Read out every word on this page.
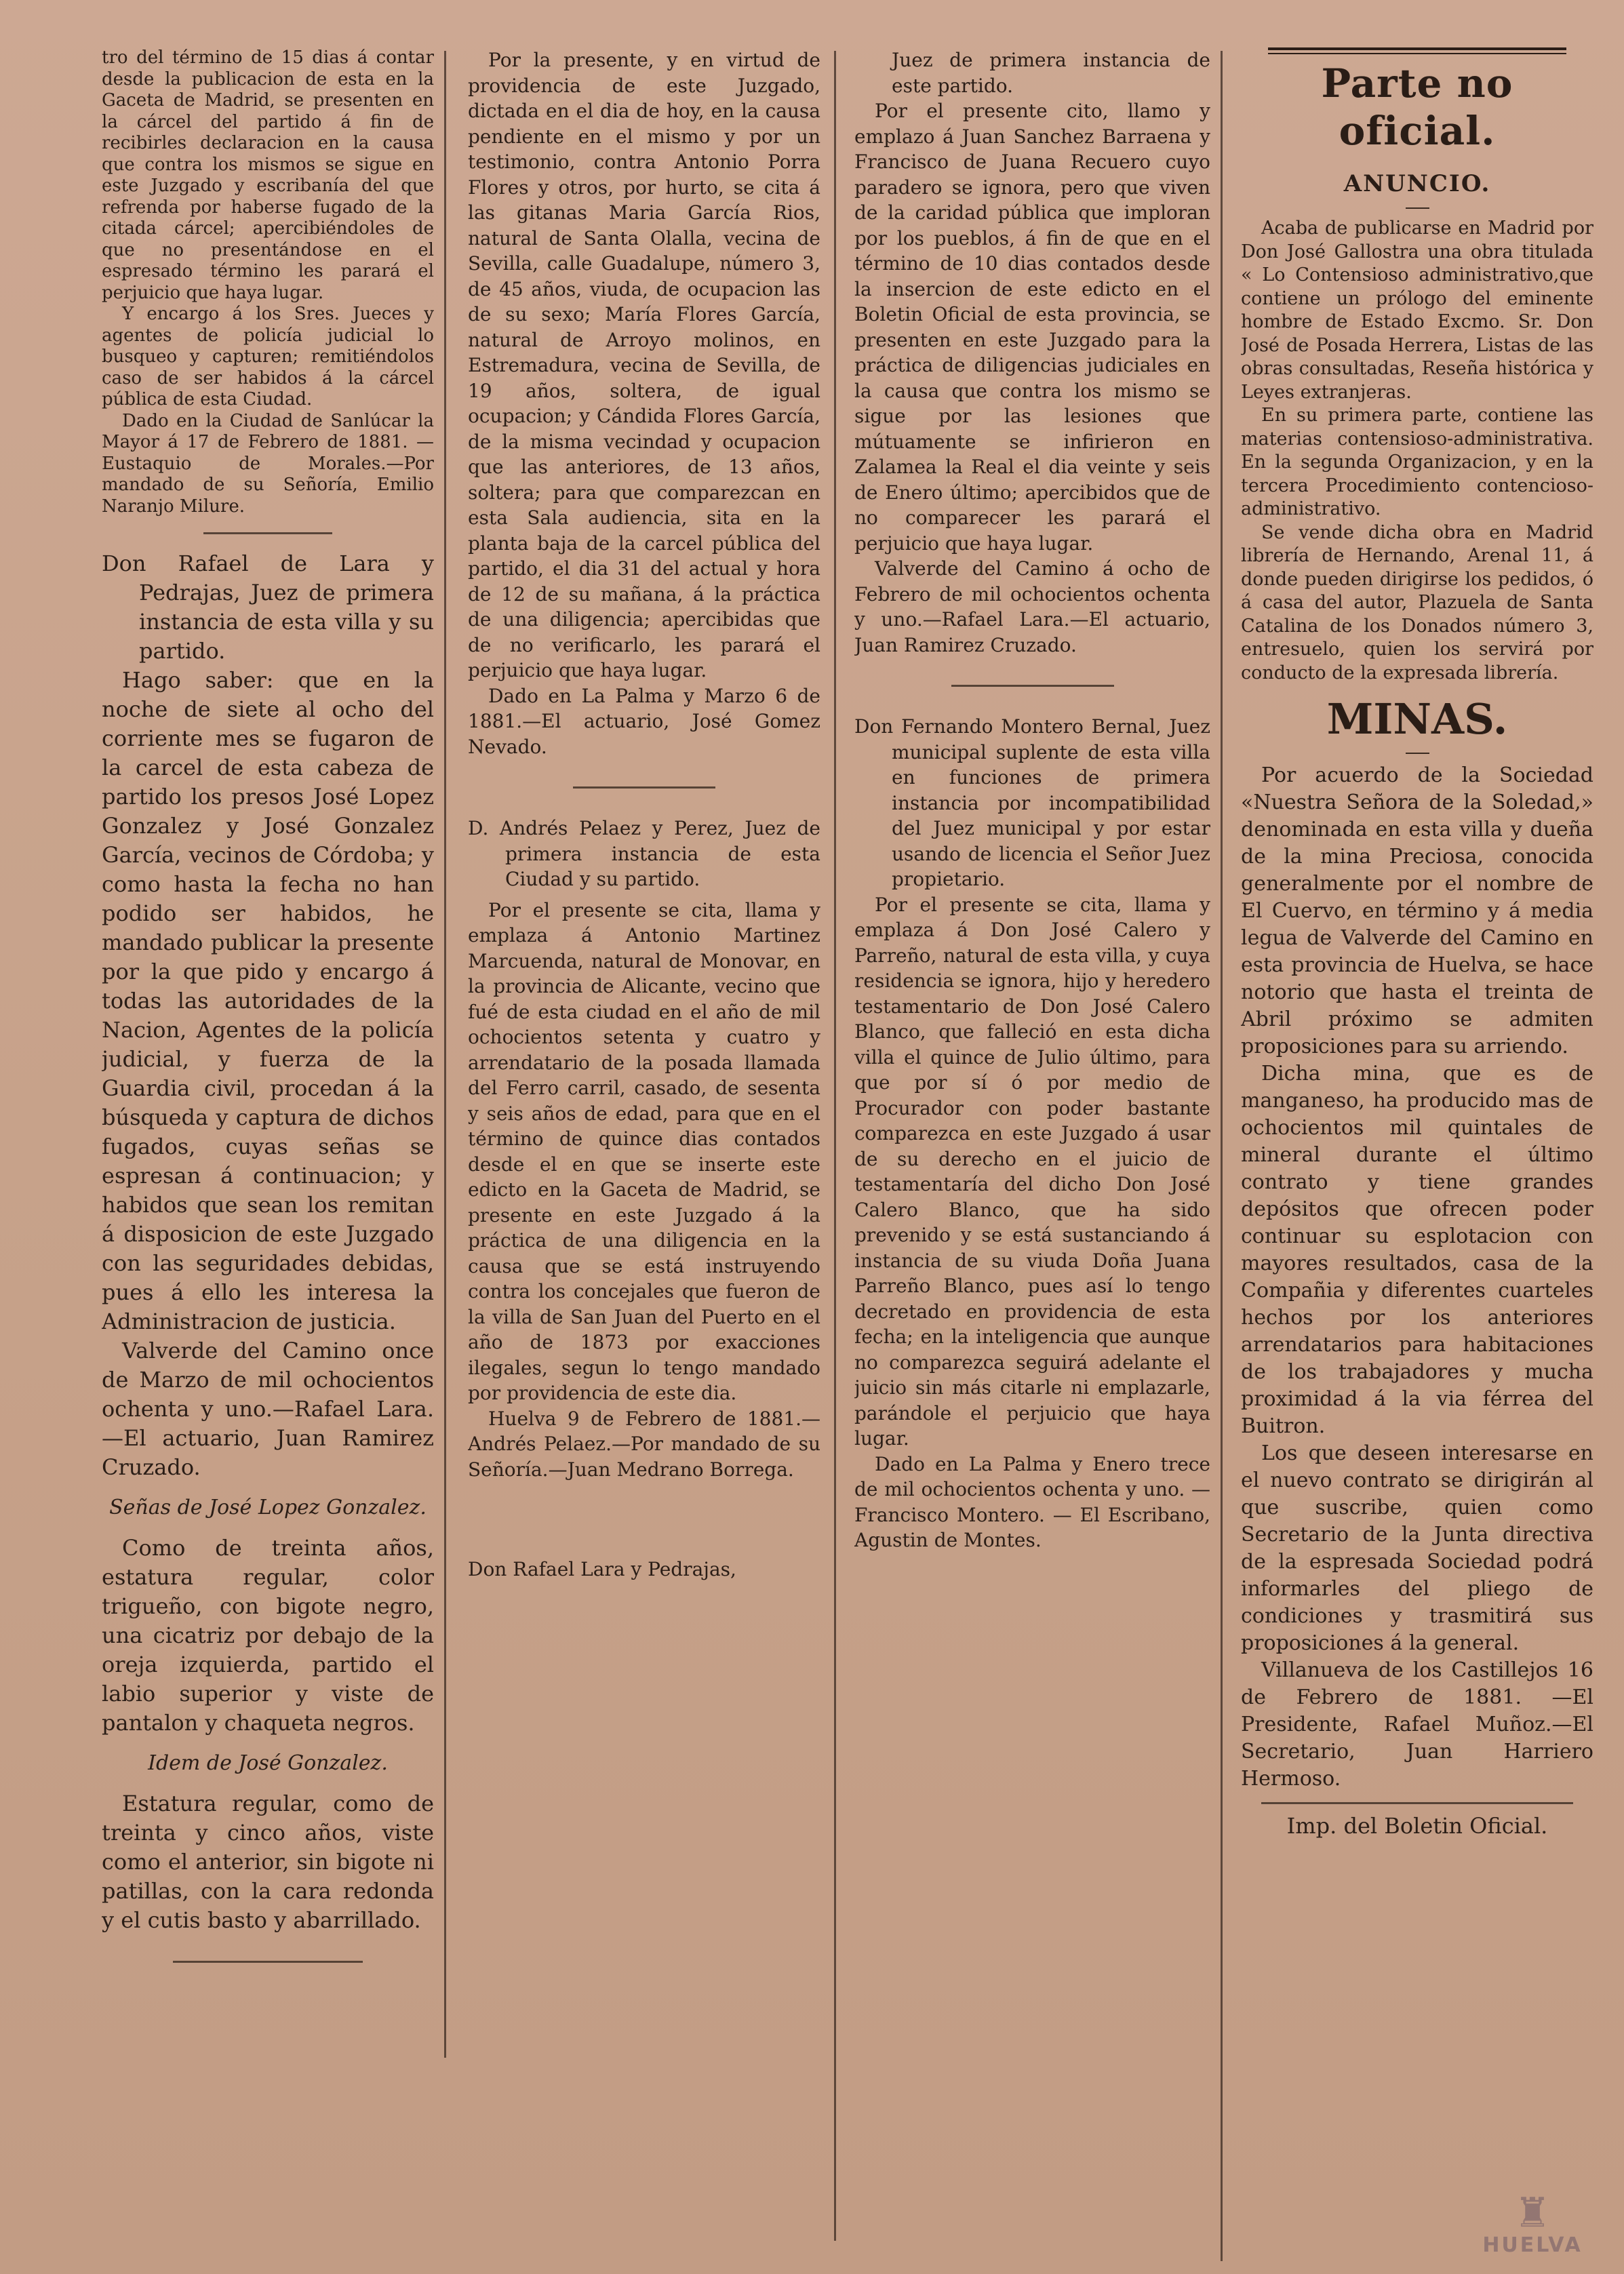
tro del término de 15 dias á contar desde la publicacion de esta en la Gaceta de Madrid, se presenten en la cárcel del partido á fin de recibirles declaracion en la causa que contra los mismos se sigue en este Juzgado y escribanía del que refrenda por haberse fugado de la citada cárcel; apercibiéndoles de que no presentándose en el espresado término les parará el perjuicio que haya lugar.

Y encargo á los Sres. Jueces y agentes de policía judicial lo busqueo y capturen; remitiéndolos caso de ser habidos á la cárcel pública de esta Ciudad.

Dado en la Ciudad de Sanlúcar la Mayor á 17 de Febrero de 1881. —Eustaquio de Morales.—Por mandado de su Señoría, Emilio Naranjo Milure.

Don Rafael de Lara y Pedrajas, Juez de primera instancia de esta villa y su partido.

Hago saber: que en la noche de siete al ocho del corriente mes se fugaron de la carcel de esta cabeza de partido los presos José Lopez Gonzalez y José Gonzalez García, vecinos de Córdoba; y como hasta la fecha no han podido ser habidos, he mandado publicar la presente por la que pido y encargo á todas las autoridades de la Nacion, Agentes de la policía judicial, y fuerza de la Guardia civil, procedan á la búsqueda y captura de dichos fugados, cuyas señas se espresan á continuacion; y habidos que sean los remitan á disposicion de este Juzgado con las seguridades debidas, pues á ello les interesa la Administracion de justicia.

Valverde del Camino once de Marzo de mil ochocientos ochenta y uno.—Rafael Lara. —El actuario, Juan Ramirez Cruzado.

Señas de José Lopez Gonzalez.

Como de treinta años, estatura regular, color trigueño, con bigote negro, una cicatriz por debajo de la oreja izquierda, partido el labio superior y viste de pantalon y chaqueta negros.

Idem de José Gonzalez.

Estatura regular, como de treinta y cinco años, viste como el anterior, sin bigote ni patillas, con la cara redonda y el cutis basto y abarrillado.

Por la presente, y en virtud de providencia de este Juzgado, dictada en el dia de hoy, en la causa pendiente en el mismo y por un testimonio, contra Antonio Porra Flores y otros, por hurto, se cita á las gitanas Maria García Rios, natural de Santa Olalla, vecina de Sevilla, calle Guadalupe, número 3, de 45 años, viuda, de ocupacion las de su sexo; María Flores García, natural de Arroyo molinos, en Estremadura, vecina de Sevilla, de 19 años, soltera, de igual ocupacion; y Cándida Flores García, de la misma vecindad y ocupacion que las anteriores, de 13 años, soltera; para que comparezcan en esta Sala audiencia, sita en la planta baja de la carcel pública del partido, el dia 31 del actual y hora de 12 de su mañana, á la práctica de una diligencia; apercibidas que de no verificarlo, les parará el perjuicio que haya lugar.

Dado en La Palma y Marzo 6 de 1881.—El actuario, José Gomez Nevado.

D. Andrés Pelaez y Perez, Juez de primera instancia de esta Ciudad y su partido.

Por el presente se cita, llama y emplaza á Antonio Martinez Marcuenda, natural de Monovar, en la provincia de Alicante, vecino que fué de esta ciudad en el año de mil ochocientos setenta y cuatro y arrendatario de la posada llamada del Ferro carril, casado, de sesenta y seis años de edad, para que en el término de quince dias contados desde el en que se inserte este edicto en la Gaceta de Madrid, se presente en este Juzgado á la práctica de una diligencia en la causa que se está instruyendo contra los concejales que fueron de la villa de San Juan del Puerto en el año de 1873 por exacciones ilegales, segun lo tengo mandado por providencia de este dia.

Huelva 9 de Febrero de 1881.—Andrés Pelaez.—Por mandado de su Señoría.—Juan Medrano Borrega.

Don Rafael Lara y Pedrajas,

Juez de primera instancia de este partido.

Por el presente cito, llamo y emplazo á Juan Sanchez Barraena y Francisco de Juana Recuero cuyo paradero se ignora, pero que viven de la caridad pública que imploran por los pueblos, á fin de que en el término de 10 dias contados desde la insercion de este edicto en el Boletin Oficial de esta provincia, se presenten en este Juzgado para la práctica de diligencias judiciales en la causa que contra los mismo se sigue por las lesiones que mútuamente se infirieron en Zalamea la Real el dia veinte y seis de Enero último; apercibidos que de no comparecer les parará el perjuicio que haya lugar.

Valverde del Camino á ocho de Febrero de mil ochocientos ochenta y uno.—Rafael Lara.—El actuario, Juan Ramirez Cruzado.

Don Fernando Montero Bernal, Juez municipal suplente de esta villa en funciones de primera instancia por incompatibilidad del Juez municipal y por estar usando de licencia el Señor Juez propietario.

Por el presente se cita, llama y emplaza á Don José Calero y Parreño, natural de esta villa, y cuya residencia se ignora, hijo y heredero testamentario de Don José Calero Blanco, que falleció en esta dicha villa el quince de Julio último, para que por sí ó por medio de Procurador con poder bastante comparezca en este Juzgado á usar de su derecho en el juicio de testamentaría del dicho Don José Calero Blanco, que ha sido prevenido y se está sustanciando á instancia de su viuda Doña Juana Parreño Blanco, pues así lo tengo decretado en providencia de esta fecha; en la inteligencia que aunque no comparezca seguirá adelante el juicio sin más citarle ni emplazarle, parándole el perjuicio que haya lugar.

Dado en La Palma y Enero trece de mil ochocientos ochenta y uno. — Francisco Montero. — El Escribano, Agustin de Montes.

Parte no oficial.
ANUNCIO.

Acaba de publicarse en Madrid por Don José Gallostra una obra titulada « Lo Contensioso administrativo,que contiene un prólogo del eminente hombre de Estado Excmo. Sr. Don José de Posada Herrera, Listas de las obras consultadas, Reseña histórica y Leyes extranjeras.

En su primera parte, contiene las materias contensioso-administrativa. En la segunda Organizacion, y en la tercera Procedimiento contencioso-administrativo.

Se vende dicha obra en Madrid librería de Hernando, Arenal 11, á donde pueden dirigirse los pedidos, ó á casa del autor, Plazuela de Santa Catalina de los Donados número 3, entresuelo, quien los servirá por conducto de la expresada librería.

MINAS.

Por acuerdo de la Sociedad «Nuestra Señora de la Soledad,» denominada en esta villa y dueña de la mina Preciosa, conocida generalmente por el nombre de El Cuervo, en término y á media legua de Valverde del Camino en esta provincia de Huelva, se hace notorio que hasta el treinta de Abril próximo se admiten proposiciones para su arriendo.

Dicha mina, que es de manganeso, ha producido mas de ochocientos mil quintales de mineral durante el último contrato y tiene grandes depósitos que ofrecen poder continuar su esplotacion con mayores resultados, casa de la Compañia y diferentes cuarteles hechos por los anteriores arrendatarios para habitaciones de los trabajadores y mucha proximidad á la via férrea del Buitron.

Los que deseen interesarse en el nuevo contrato se dirigirán al que suscribe, quien como Secretario de la Junta directiva de la espresada Sociedad podrá informarles del pliego de condiciones y trasmitirá sus proposiciones á la general.

Villanueva de los Castillejos 16 de Febrero de 1881. —El Presidente, Rafael Muñoz.—El Secretario, Juan Harriero Hermoso.

Imp. del Boletin Oficial.
♜
HUELVA
